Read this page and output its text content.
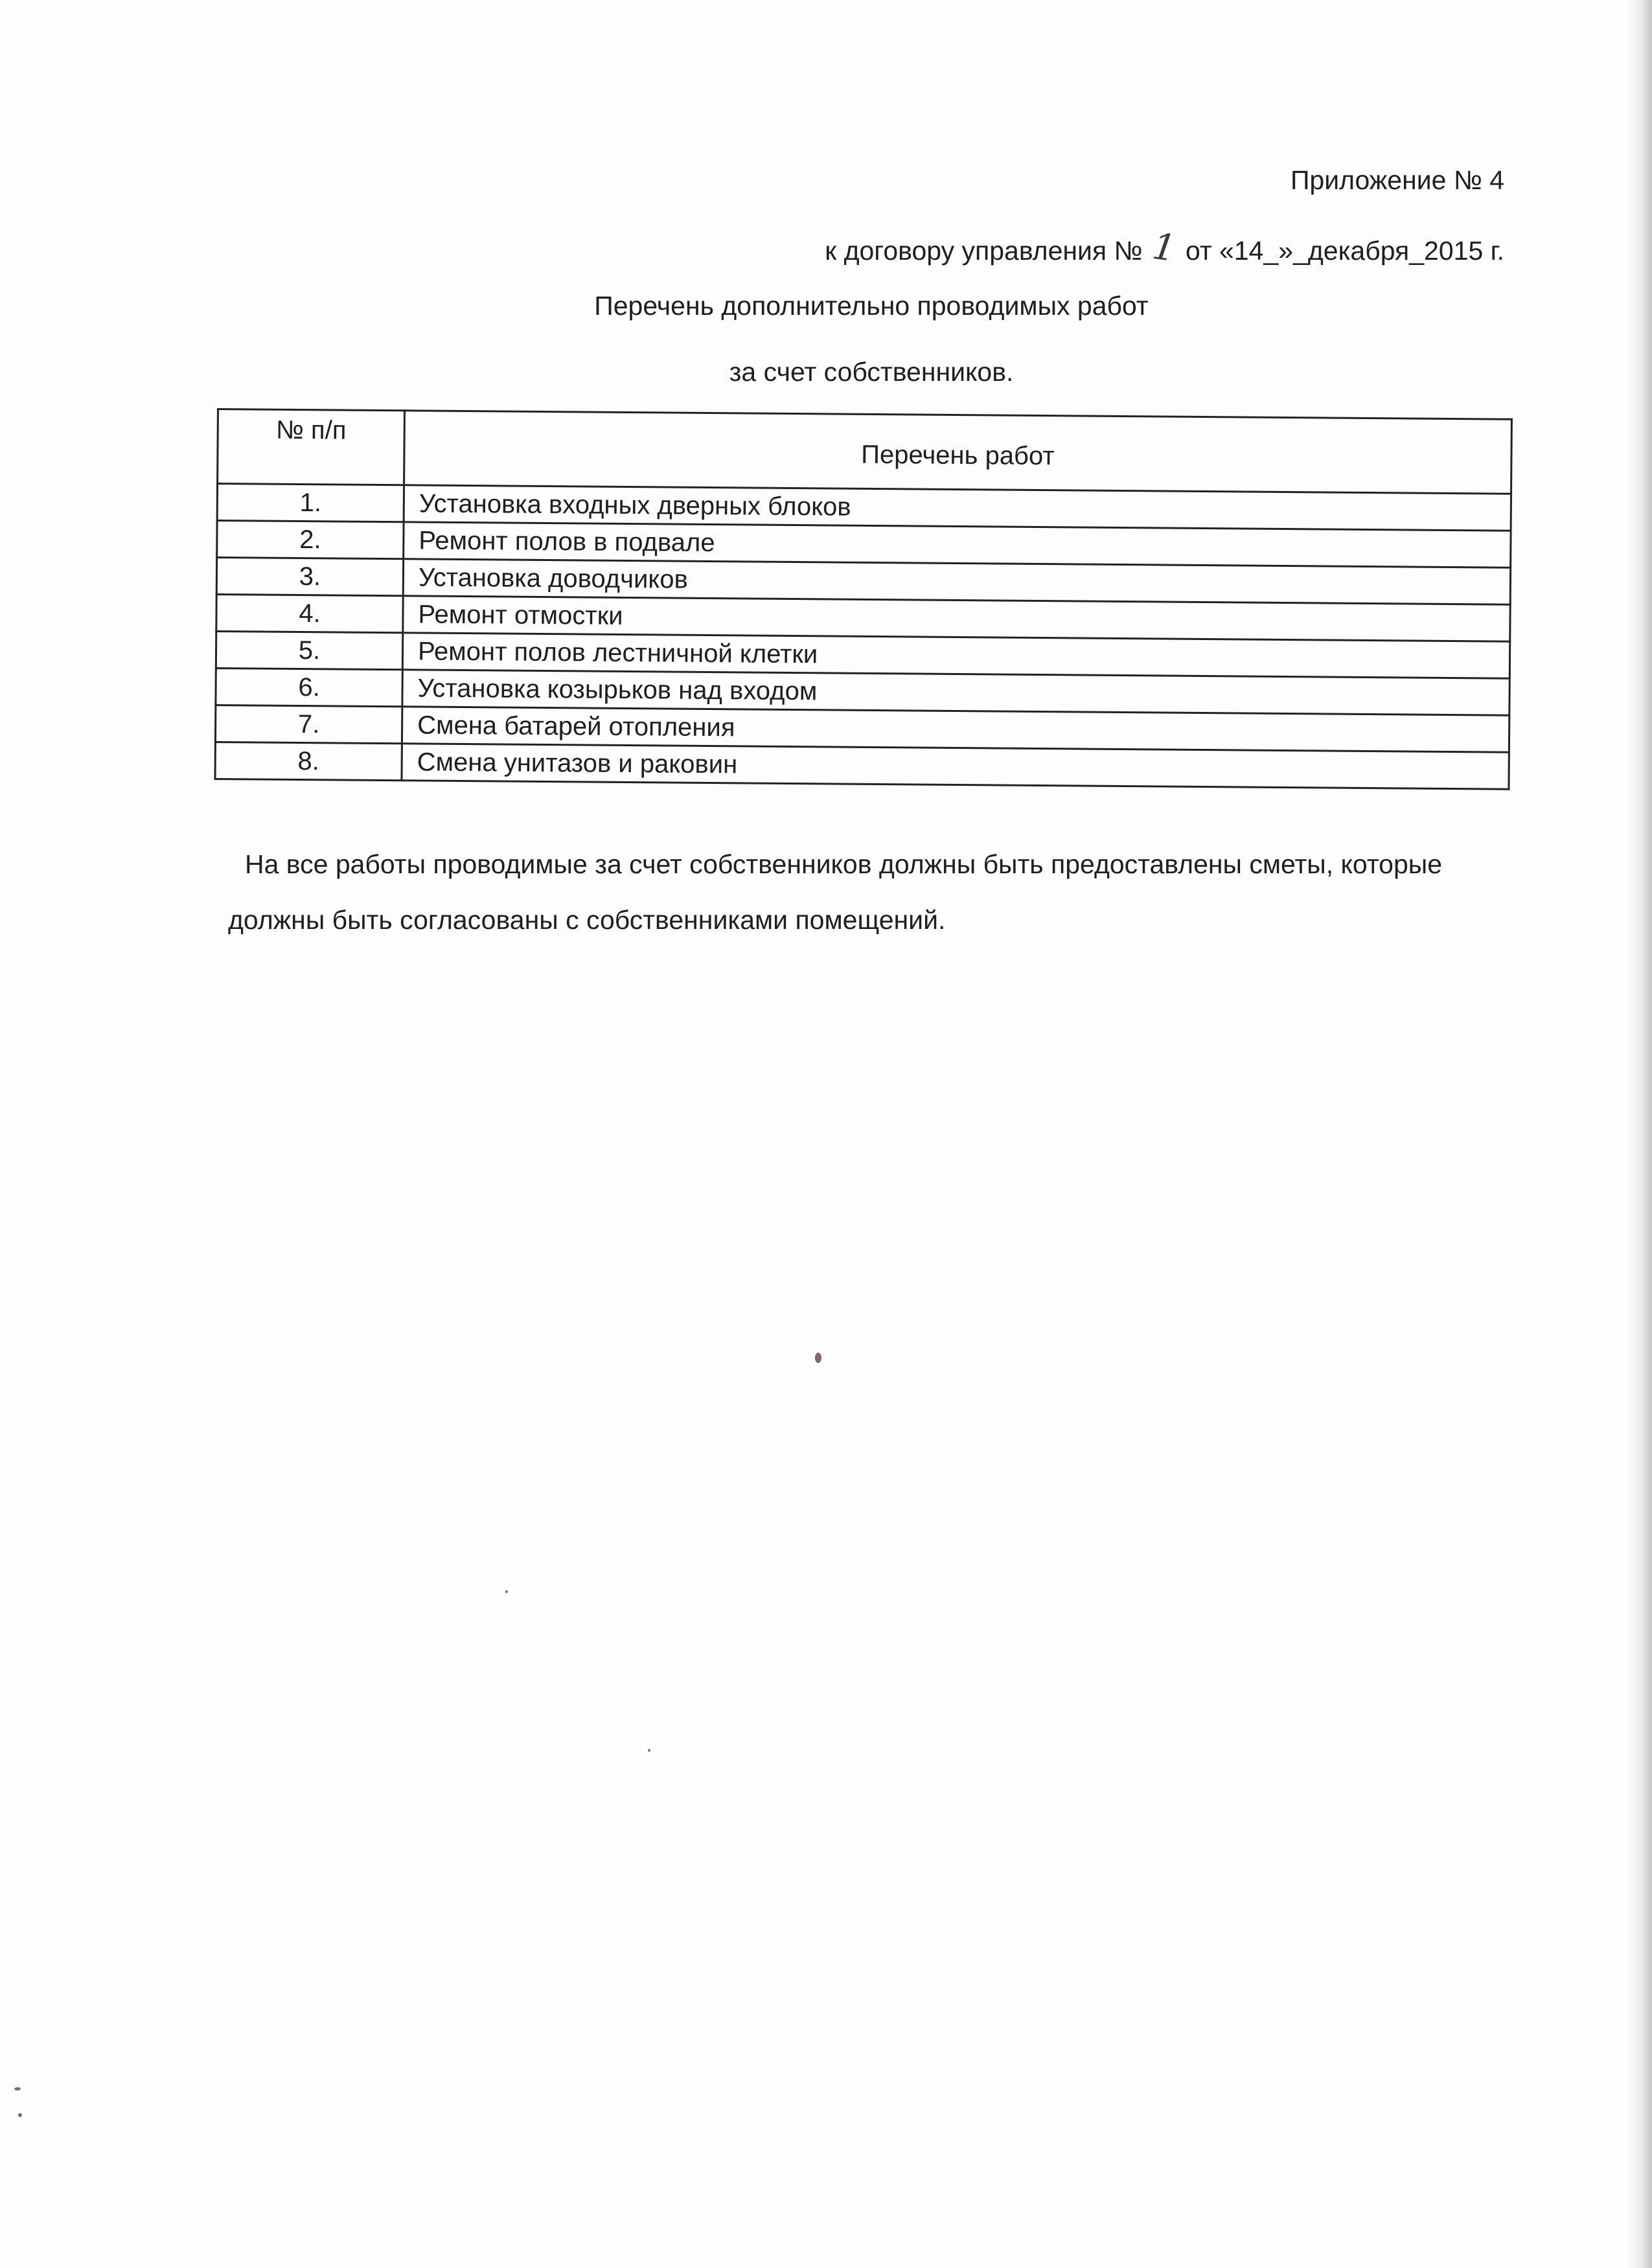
Приложение № 4
к договору управления № 1 от «14_»_декабря_2015 г.
Перечень дополнительно проводимых работ
за счет собственников.
№ п/п	Перечень работ
1.	Установка входных дверных блоков
2.	Ремонт полов в подвале
3.	Установка доводчиков
4.	Ремонт отмостки
5.	Ремонт полов лестничной клетки
6.	Установка козырьков над входом
7.	Смена батарей отопления
8.	Смена унитазов и раковин
На все работы проводимые за счет собственников должны быть предоставлены сметы, которые
должны быть согласованы с собственниками помещений.
